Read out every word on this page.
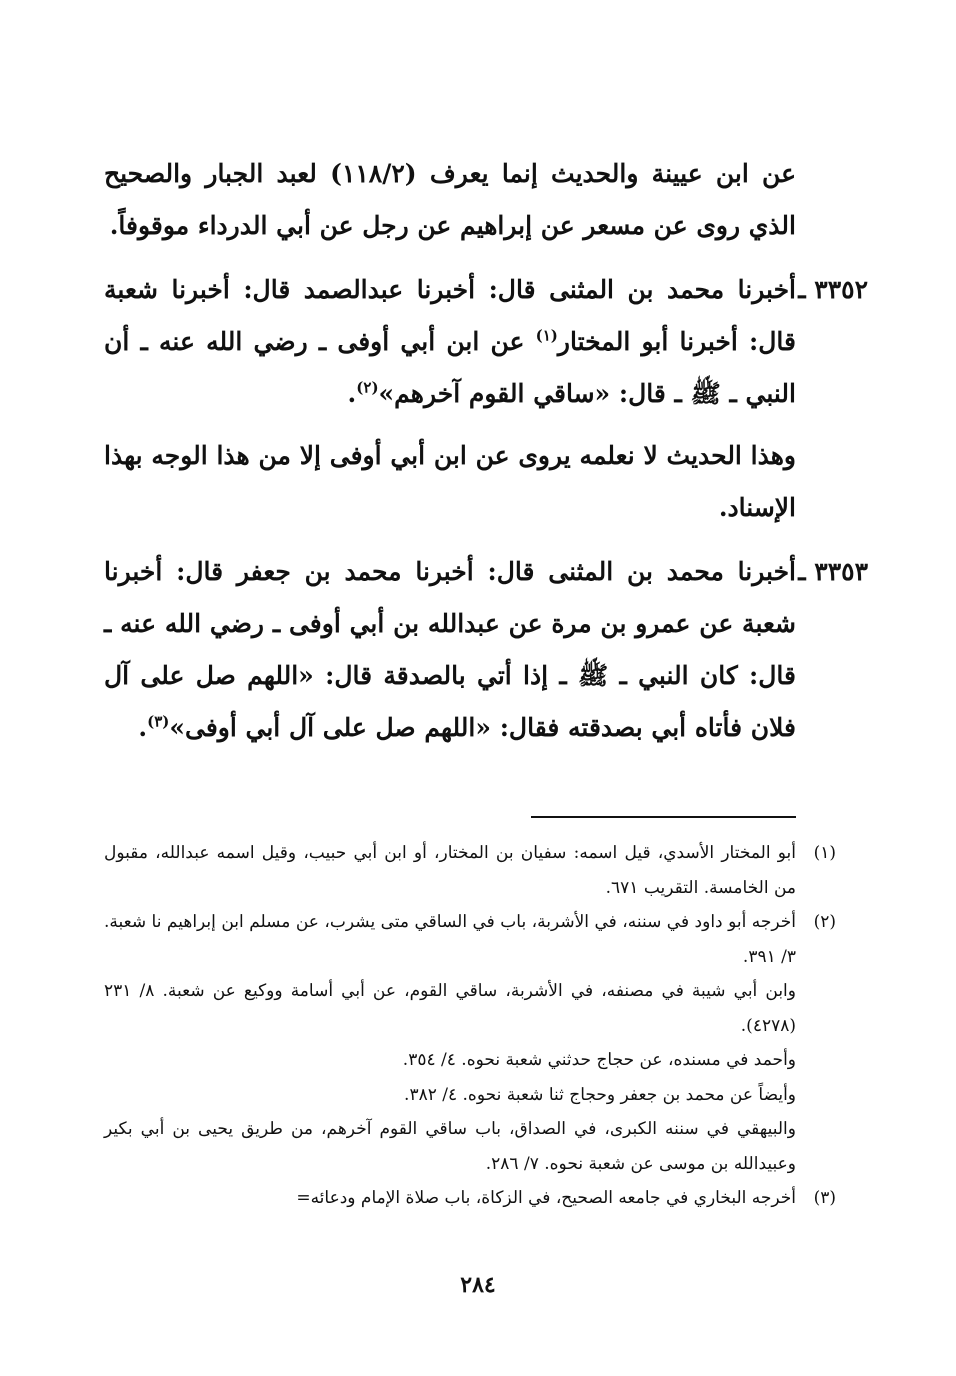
عن ابن عيينة والحديث إنما يعرف (١١٨/٢) لعبد الجبار والصحيح الذي روى عن مسعر عن إبراهيم عن رجل عن أبي الدرداء موقوفاً.

٣٣٥٢ ـ
أخبرنا محمد بن المثنى قال: أخبرنا عبدالصمد قال: أخبرنا شعبة قال: أخبرنا أبو المختار$^{(١)}$ عن ابن أبي أوفى ـ رضي الله عنه ـ أن النبي ـ ﷺ ـ قال: «ساقي القوم آخرهم»$^{(٢)}$.

وهذا الحديث لا نعلمه يروى عن ابن أبي أوفى إلا من هذا الوجه بهذا الإسناد.

٣٣٥٣ ـ
أخبرنا محمد بن المثنى قال: أخبرنا محمد بن جعفر قال: أخبرنا شعبة عن عمرو بن مرة عن عبدالله بن أبي أوفى ـ رضي الله عنه ـ قال: كان النبي ـ ﷺ ـ إذا أتي بالصدقة قال: «اللهم صل على آل فلان فأتاه أبي بصدقته فقال: «اللهم صل على آل أبي أوفى»$^{(٣)}$.
(١)
أبو المختار الأسدي، قيل اسمه: سفيان بن المختار، أو ابن أبي حبيب، وقيل اسمه عبدالله، مقبول من الخامسة. التقريب ٦٧١.
(٢)

أخرجه أبو داود في سننه، في الأشربة، باب في الساقي متى يشرب، عن مسلم ابن إبراهيم نا شعبة. ٣/ ٣٩١.

وابن أبي شيبة في مصنفه، في الأشربة، ساقي القوم، عن أبي أسامة ووكيع عن شعبة. ٨/ ٢٣١ (٤٢٧٨).

وأحمد في مسنده، عن حجاج حدثني شعبة نحوه. ٤/ ٣٥٤.

وأيضاً عن محمد بن جعفر وحجاج ثنا شعبة نحوه. ٤/ ٣٨٢.

والبيهقي في سننه الكبرى، في الصداق، باب ساقي القوم آخرهم، من طريق يحيى بن أبي بكير وعبيدالله بن موسى عن شعبة نحوه. ٧/ ٢٨٦.

(٣)
أخرجه البخاري في جامعه الصحيح، في الزكاة، باب صلاة الإمام ودعائه=
٢٨٤
